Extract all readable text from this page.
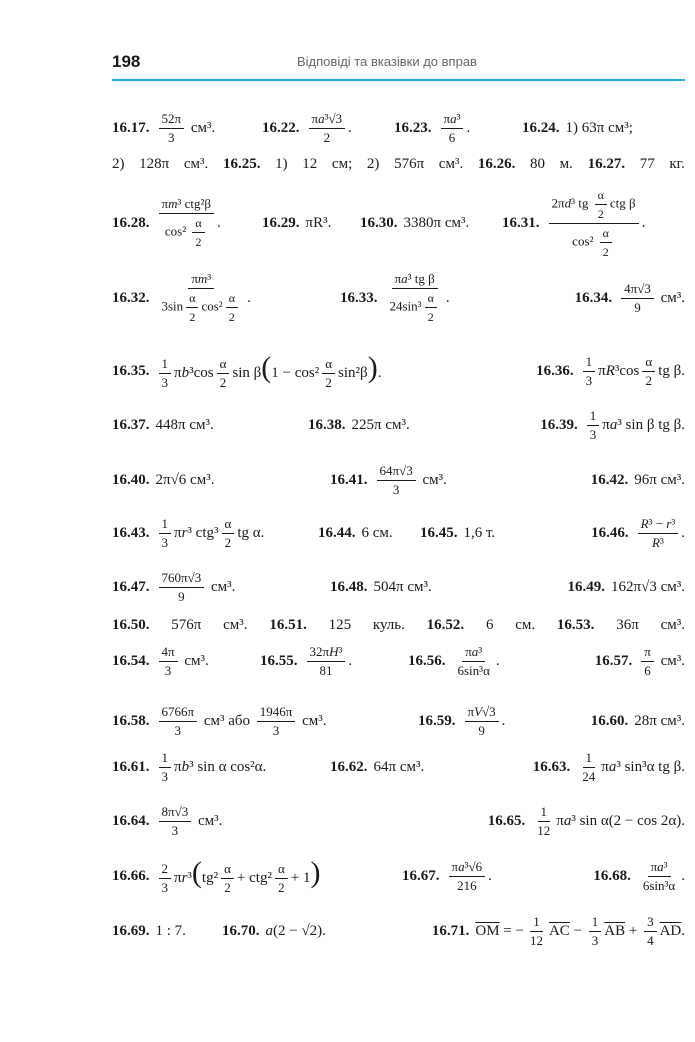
198	Відповіді та вказівки до вправ
16.17. $\frac{52\pi}{3} см^3$.	16.22. $\frac{\text{πa³√3}}{2}$ .	16.23. $\frac{\text{πa³}}{6}$ .	16.24. 1) 63π см³;
2) 128π см³. 16.25. 1) 12 см; 2) 576π см³. 16.26. 80 м. 16.27. 77 кг.
16.28. $\frac{\text{πm³ ctg²β}}{\cos^2 \frac{\alpha}{2}}$ .	16.29. πR³. 16.30. 3380π см³. 16.31. $\frac{2\pi d^3 tg \frac{\alpha}{2} ctg \beta}{\cos^2 \frac{\alpha}{2}}$ .
16.32. $\frac{\text{πm³}}{3\sin \frac{\alpha}{2} \cos^2 \frac{\alpha}{2}}$ .	16.33. $\frac{\text{πa³ tg β}}{24\sin^3 \frac{\alpha}{2}}$ .	16.34. $\frac{4\pi√3}{9} см^3$.
16.35. $\frac{1}{3} \pi b^3\cos \frac{\alpha}{2}$ $\sin \beta(1 - \cos^2 \frac{\alpha}{2} \sin^2\beta)$.	16.36. $\frac{1}{3} \pi R^3\cos \frac{\alpha}{2}$ tg β.
16.37. 448π см³.	16.38. 225π см³.	16.39. $\frac{1}{3} \pi a^3$ sin β tg β.
16.40. 2π√6 см³.	16.41. $\frac{64\pi√3}{3} см^3$.	16.42. 96π см³.
16.43. $\frac{1}{3} \pi r^3$ $ctg^3 \frac{\alpha}{2}$ tg α.	16.44. 6 см. 16.45. 1,6 т.	16.46. $\frac{\text{R³ − r³}}{\text{R³}}$ .
16.47. $\frac{760\pi√3}{9} см^3$.	16.48. 504π см³.	16.49. 162π√3 см³.
16.50. 576π см³. 16.51. 125 куль. 16.52. 6 см. 16.53. 36π см³.
16.54. $\frac{4\pi}{3} см^3$.	16.55. $\frac{\text{32πH³}}{81}$ .	16.56. $\frac{\text{πa³}}{\text{6sin³α}}$ .	16.57. $\frac{\pi}{6} см^3$.
16.58. $\frac{6766\pi}{3} см^3$ або $\frac{1946\pi}{3} см^3$.	16.59. $\frac{\pi V√3}{9}$ .	16.60. 28π см³.
16.61. $\frac{1}{3} \pi b^3$ sin α cos²α.	16.62. 64π см³.	16.63. $\frac{1}{24} \pi a^3$ sin³α tg β.
16.64. $\frac{8\pi√3}{3} см^3$.	16.65. $\frac{1}{12} \pi a^3$ sin α(2 − cos 2α).
16.66. $\frac{2}{3} \pi r^3(tg^2 \frac{\alpha}{2} + ctg^2 \frac{\alpha}{2} + 1)$	16.67. $\frac{\text{πa³√6}}{216}$ .	16.68. $\frac{\text{πa³}}{\text{6sin³α}}$ .
16.69. 1 : 7. 16.70. a(2 − √2).	16.71. $\overline{OM}$ = − $\frac{1}{12} \overline{AC} - \frac{1}{3} \overline{AB} + \frac{3}{4} \overline{AD}$.
